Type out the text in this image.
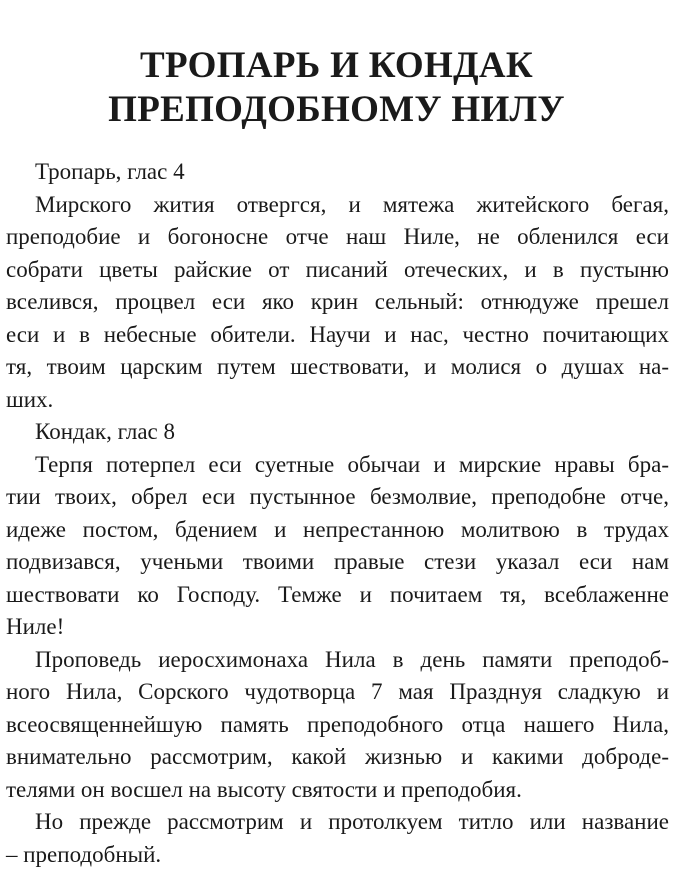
ТРОПАРЬ И КОНДАК
ПРЕПОДОБНОМУ НИЛУ
Тропарь, глас 4
Мирского жития отвергся, и мятежа житейского бегая,
преподобие и богоносне отче наш Ниле, не обленился еси
собрати цветы райские от писаний отеческих, и в пустыню
вселився, процвел еси яко крин сельный: отнюдуже прешел
еси и в небесные обители. Научи и нас, честно почитающих
тя, твоим царским путем шествовати, и молися о душах на-
ших.
Кондак, глас 8
Терпя потерпел еси суетные обычаи и мирские нравы бра-
тии твоих, обрел еси пустынное безмолвие, преподобне отче,
идеже постом, бдением и непрестанною молитвою в трудах
подвизався, ученьми твоими правые стези указал еси нам
шествовати ко Господу. Темже и почитаем тя, всеблаженне
Ниле!
Проповедь иеросхимонаха Нила в день памяти преподоб-
ного Нила, Сорского чудотворца 7 мая Празднуя сладкую и
всеосвященнейшую память преподобного отца нашего Нила,
внимательно рассмотрим, какой жизнью и какими доброде-
телями он восшел на высоту святости и преподобия.
Но прежде рассмотрим и протолкуем титло или название
– преподобный.
